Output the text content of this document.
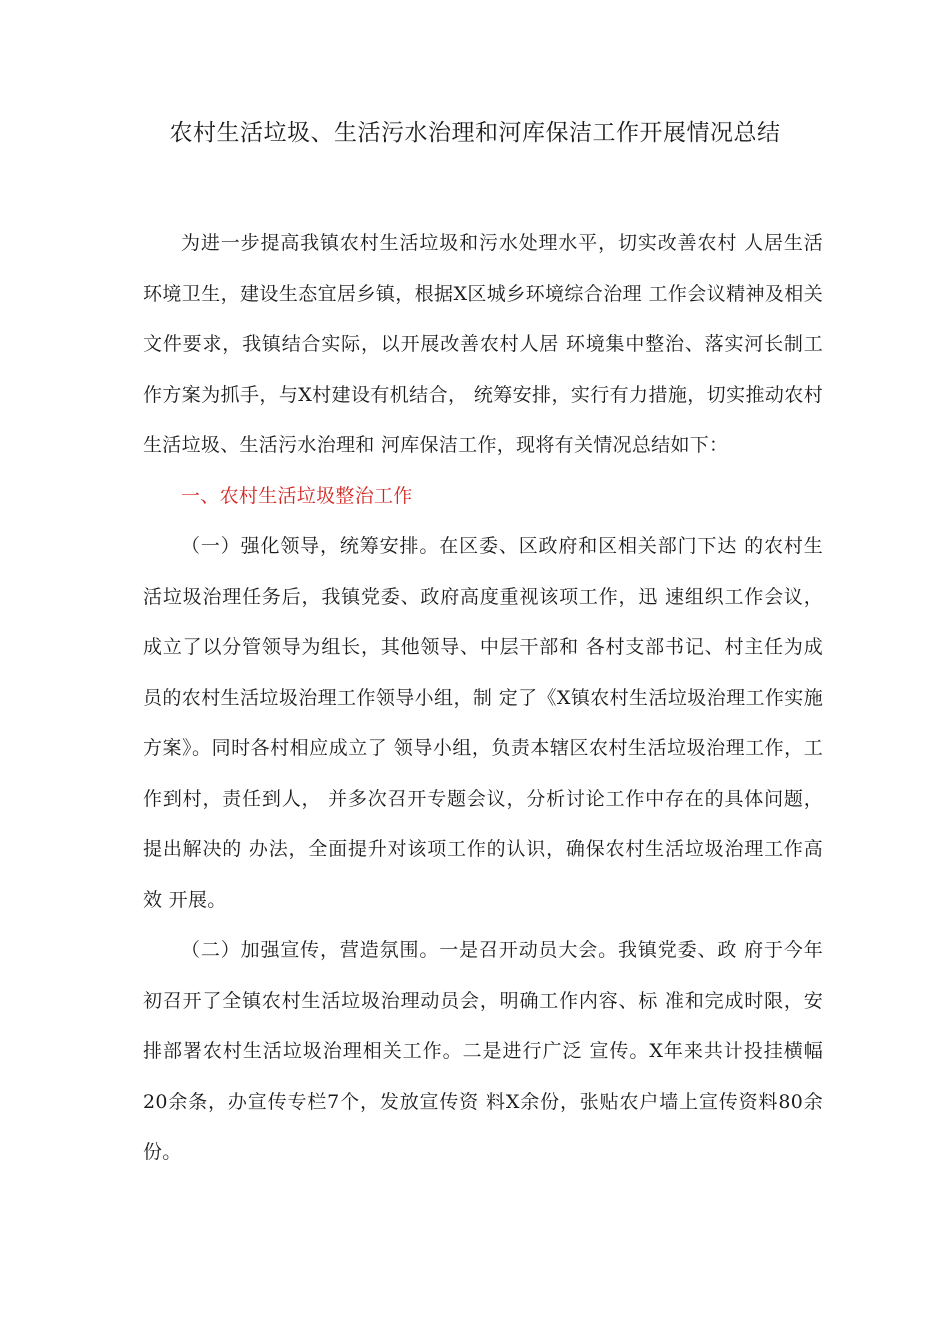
农村生活垃圾、生活污水治理和河库保洁工作开展情况总结

为进一步提高我镇农村生活垃圾和污水处理水平，切实改善农村 人居生活环境卫生，建设生态宜居乡镇，根据X区城乡环境综合治理 工作会议精神及相关文件要求，我镇结合实际，以开展改善农村人居 环境集中整治、落实河长制工作方案为抓手，与X村建设有机结合， 统筹安排，实行有力措施，切实推动农村生活垃圾、生活污水治理和 河库保洁工作，现将有关情况总结如下：

一、农村生活垃圾整治工作

（一）强化领导，统筹安排。在区委、区政府和区相关部门下达 的农村生活垃圾治理任务后，我镇党委、政府高度重视该项工作，迅 速组织工作会议，成立了以分管领导为组长，其他领导、中层干部和 各村支部书记、村主任为成员的农村生活垃圾治理工作领导小组，制 定了《X镇农村生活垃圾治理工作实施方案》。同时各村相应成立了 领导小组，负责本辖区农村生活垃圾治理工作，工作到村，责任到人， 并多次召开专题会议，分析讨论工作中存在的具体问题，提出解决的 办法，全面提升对该项工作的认识，确保农村生活垃圾治理工作高效 开展。

（二）加强宣传，营造氛围。一是召开动员大会。我镇党委、政 府于今年初召开了全镇农村生活垃圾治理动员会，明确工作内容、标 准和完成时限，安排部署农村生活垃圾治理相关工作。二是进行广泛 宣传。X年来共计投挂横幅20余条，办宣传专栏7个，发放宣传资 料X余份，张贴农户墙上宣传资料80余份。
